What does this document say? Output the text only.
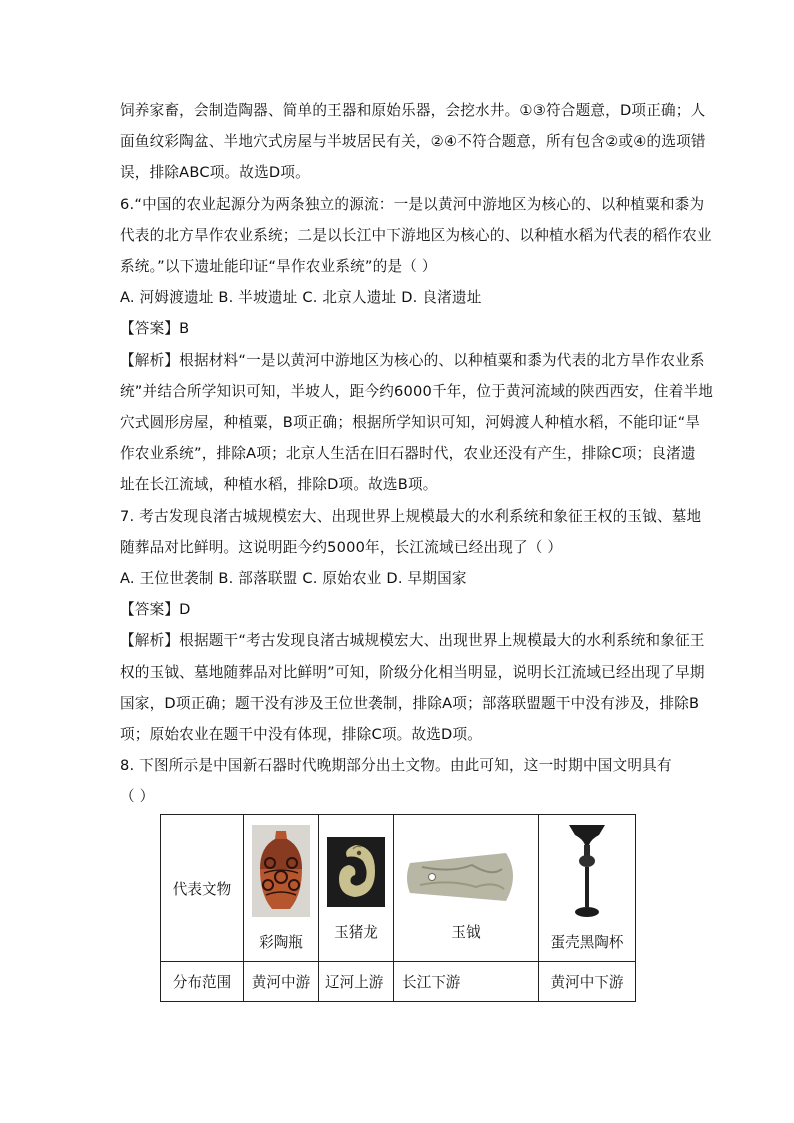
饲养家畜，会制造陶器、简单的王器和原始乐器，会挖水井。①③符合题意，D项正确；人
面鱼纹彩陶盆、半地穴式房屋与半坡居民有关，②④不符合题意，所有包含②或④的选项错
误，排除ABC项。故选D项。
6.“中国的农业起源分为两条独立的源流：一是以黄河中游地区为核心的、以种植粟和黍为
代表的北方旱作农业系统；二是以长江中下游地区为核心的、以种植水稻为代表的稻作农业
系统。”以下遗址能印证“旱作农业系统”的是（ ）
A. 河姆渡遗址 B. 半坡遗址 C. 北京人遗址 D. 良渚遗址
【答案】B
【解析】根据材料“一是以黄河中游地区为核心的、以种植粟和黍为代表的北方旱作农业系
统”并结合所学知识可知，半坡人，距今约6000千年，位于黄河流域的陕西西安，住着半地
穴式圆形房屋，种植粟，B项正确；根据所学知识可知，河姆渡人种植水稻，不能印证“旱
作农业系统”，排除A项；北京人生活在旧石器时代，农业还没有产生，排除C项；良渚遗
址在长江流域，种植水稻，排除D项。故选B项。
7. 考古发现良渚古城规模宏大、出现世界上规模最大的水利系统和象征王权的玉钺、墓地
随葬品对比鲜明。这说明距今约5000年，长江流域已经出现了（ ）
A. 王位世袭制 B. 部落联盟 C. 原始农业 D. 早期国家
【答案】D
【解析】根据题干“考古发现良渚古城规模宏大、出现世界上规模最大的水利系统和象征王
权的玉钺、墓地随葬品对比鲜明”可知，阶级分化相当明显，说明长江流域已经出现了早期
国家，D项正确；题干没有涉及王位世袭制，排除A项；部落联盟题干中没有涉及，排除B
项；原始农业在题干中没有体现，排除C项。故选D项。
8. 下图所示是中国新石器时代晚期部分出土文物。由此可知，这一时期中国文明具有
（ ）
代表文物	彩陶瓶	玉猪龙	玉钺	蛋壳黑陶杯

分布范围	黄河中游	辽河上游	长江下游	黄河中下游
